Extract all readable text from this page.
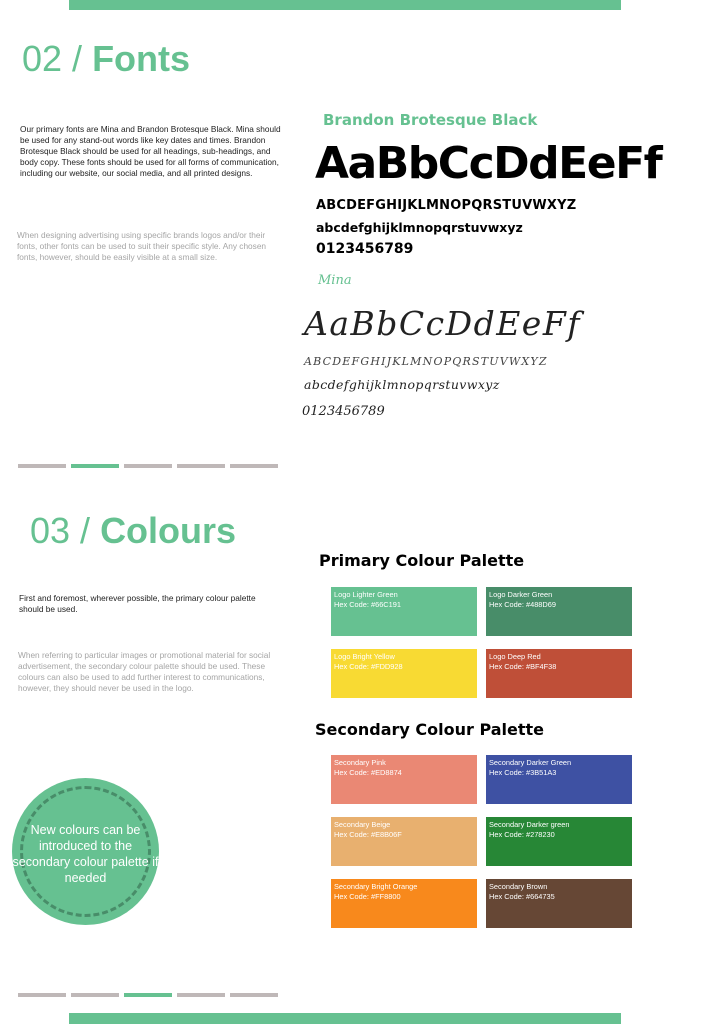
02 / Fonts
Our primary fonts are Mina and Brandon Brotesque Black. Mina should be used for any stand-out words like key dates and times. Brandon Brotesque Black should be used for all headings, sub-headings, and body copy. These fonts should be used for all forms of communication, including our website, our social media, and all printed designs.
When designing advertising using specific brands logos and/or their fonts, other fonts can be used to suit their specific style. Any chosen fonts, however, should be easily visible at a small size.
Brandon Brotesque Black
AaBbCcDdEeFf
ABCDEFGHIJKLMNOPQRSTUVWXYZ
abcdefghijklmnopqrstuvwxyz
0123456789
Mina
AaBbCcDdEeFf
ABCDEFGHIJKLMNOPQRSTUVWXYZ
abcdefghijklmnopqrstuvwxyz
0123456789
03 / Colours
First and foremost, wherever possible, the primary colour palette should be used.
When referring to particular images or promotional material for social advertisement, the secondary colour palette should be used. These colours can also be used to add further interest to communications, however, they should never be used in the logo.
Primary Colour Palette
Secondary Colour Palette
Logo Lighter Green
Hex Code: #66C191
Logo Darker Green
Hex Code: #488D69
Logo Bright Yellow
Hex Code: #FDD928
Logo Deep Red
Hex Code: #BF4F38
Secondary Pink
Hex Code: #ED8874
Secondary Darker Green
Hex Code: #3B51A3
Secondary Beige
Hex Code: #E8B06F
Secondary Darker green
Hex Code: #278230
Secondary Bright Orange
Hex Code: #FF8800
Secondary Brown
Hex Code: #664735
New colours can be introduced to the secondary colour palette if needed
